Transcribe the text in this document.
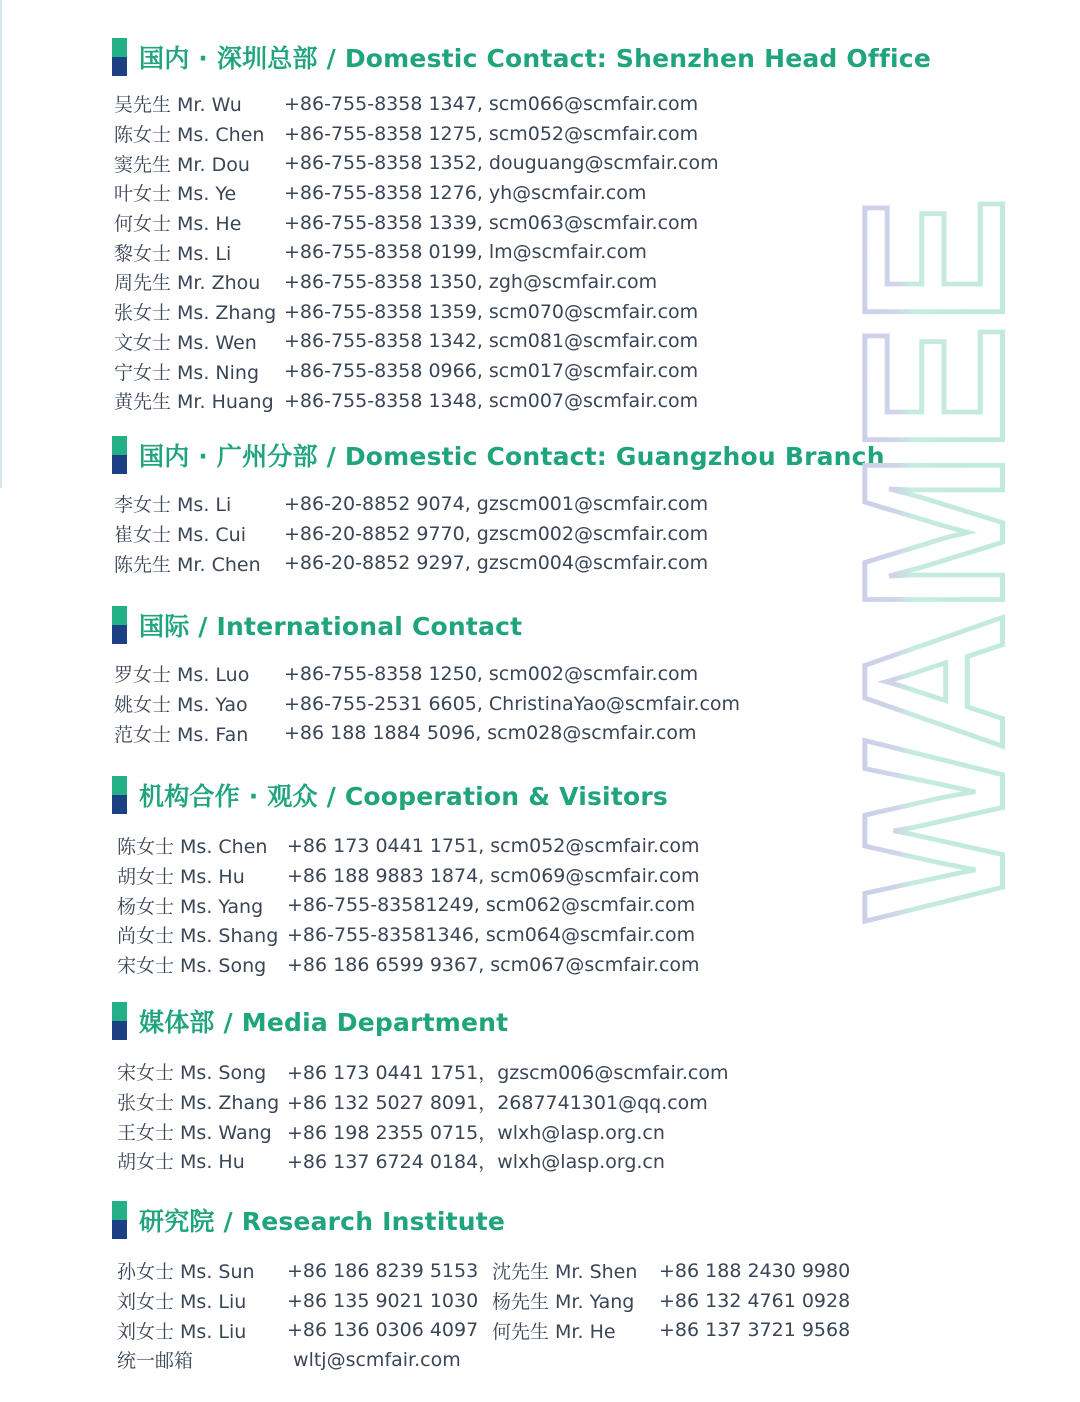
国内 · 深圳总部 / Domestic Contact: Shenzhen Head Office
吴先生 Mr. Wu	+86-755-8358 1347, scm066@scmfair.com
陈女士 Ms. Chen	+86-755-8358 1275, scm052@scmfair.com
窦先生 Mr. Dou	+86-755-8358 1352, douguang@scmfair.com
叶女士 Ms. Ye	+86-755-8358 1276, yh@scmfair.com
何女士 Ms. He	+86-755-8358 1339, scm063@scmfair.com
黎女士 Ms. Li	+86-755-8358 0199, lm@scmfair.com
周先生 Mr. Zhou	+86-755-8358 1350, zgh@scmfair.com
张女士 Ms. Zhang +86-755-8358 1359, scm070@scmfair.com
文女士 Ms. Wen	+86-755-8358 1342, scm081@scmfair.com
宁女士 Ms. Ning	+86-755-8358 0966, scm017@scmfair.com
黄先生 Mr. Huang +86-755-8358 1348, scm007@scmfair.com
国内 · 广州分部 / Domestic Contact: Guangzhou Branch
李女士 Ms. Li	+86-20-8852 9074, gzscm001@scmfair.com
崔女士 Ms. Cui	+86-20-8852 9770, gzscm002@scmfair.com
陈先生 Mr. Chen	+86-20-8852 9297, gzscm004@scmfair.com
国际 / International Contact
罗女士 Ms. Luo	+86-755-8358 1250, scm002@scmfair.com
姚女士 Ms. Yao	+86-755-2531 6605, ChristinaYao@scmfair.com
范女士 Ms. Fan	+86 188 1884 5096, scm028@scmfair.com
机构合作 · 观众 / Cooperation & Visitors
陈女士 Ms. Chen	+86 173 0441 1751, scm052@scmfair.com
胡女士 Ms. Hu	+86 188 9883 1874, scm069@scmfair.com
杨女士 Ms. Yang	+86-755-83581249, scm062@scmfair.com
尚女士 Ms. Shang +86-755-83581346, scm064@scmfair.com
宋女士 Ms. Song	+86 186 6599 9367, scm067@scmfair.com
媒体部 / Media Department
宋女士 Ms. Song	+86 173 0441 1751，gzscm006@scmfair.com
张女士 Ms. Zhang +86 132 5027 8091，2687741301@qq.com
王女士 Ms. Wang +86 198 2355 0715，wlxh@lasp.org.cn
胡女士 Ms. Hu	+86 137 6724 0184，wlxh@lasp.org.cn
研究院 / Research Institute
孙女士 Ms. Sun	+86 186 8239 5153 沈先生 Mr. Shen	+86 188 2430 9980
刘女士 Ms. Liu	+86 135 9021 1030 杨先生 Mr. Yang	+86 132 4761 0928
刘女士 Ms. Liu	+86 136 0306 4097 何先生 Mr. He	+86 137 3721 9568
统一邮箱	wltj@scmfair.com
WAMEE
